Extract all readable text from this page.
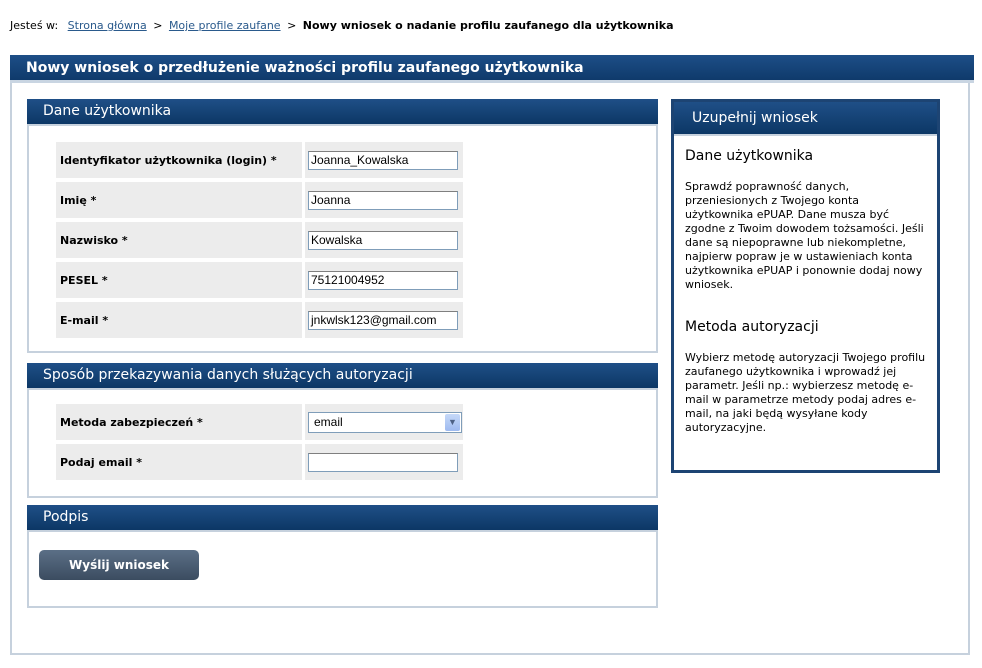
Jesteś w: Strona główna > Moje profile zaufane > Nowy wniosek o nadanie profilu zaufanego dla użytkownika
Nowy wniosek o przedłużenie ważności profilu zaufanego użytkownika
Dane użytkownika
Identyfikator użytkownika (login) *	Joanna_Kowalska

Imię *	Joanna

Nazwisko *	Kowalska

PESEL *	75121004952

E-mail *	jnkwlsk123@gmail.com
Sposób przekazywania danych służących autoryzacji
Metoda zabezpieczeń *	email ▼

Podaj email *	
Podpis
Wyślij wniosek
Uzupełnij wniosek
Dane użytkownika

Sprawdź poprawność danych, przeniesionych z Twojego konta użytkownika ePUAP. Dane musza być zgodne z Twoim dowodem tożsamości. Jeśli dane są niepoprawne lub niekompletne, najpierw popraw je w ustawieniach konta użytkownika ePUAP i ponownie dodaj nowy wniosek.

Metoda autoryzacji

Wybierz metodę autoryzacji Twojego profilu zaufanego użytkownika i wprowadź jej parametr. Jeśli np.: wybierzesz metodę e-mail w parametrze metody podaj adres e-mail, na jaki będą wysyłane kody autoryzacyjne.
